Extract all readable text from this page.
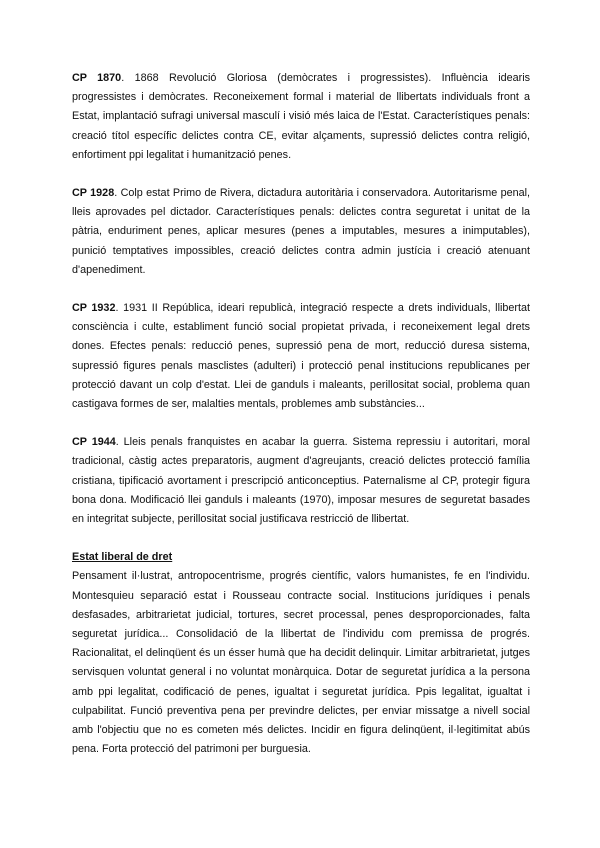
CP 1870. 1868 Revolució Gloriosa (demòcrates i progressistes). Influència idearis progressistes i demòcrates. Reconeixement formal i material de llibertats individuals front a Estat, implantació sufragi universal masculí i visió més laica de l'Estat. Característiques penals: creació títol específic delictes contra CE, evitar alçaments, supressió delictes contra religió, enfortiment ppi legalitat i humanització penes.

CP 1928. Colp estat Primo de Rivera, dictadura autoritària i conservadora. Autoritarisme penal, lleis aprovades pel dictador. Característiques penals: delictes contra seguretat i unitat de la pàtria, enduriment penes, aplicar mesures (penes a imputables, mesures a inimputables), punició temptatives impossibles, creació delictes contra admin justícia i creació atenuant d'apenediment.

CP 1932. 1931 II República, ideari republicà, integració respecte a drets individuals, llibertat consciència i culte, establiment funció social propietat privada, i reconeixement legal drets dones. Efectes penals: reducció penes, supressió pena de mort, reducció duresa sistema, supressió figures penals masclistes (adulteri) i protecció penal institucions republicanes per protecció davant un colp d'estat. Llei de ganduls i maleants, perillositat social, problema quan castigava formes de ser, malalties mentals, problemes amb substàncies...

CP 1944. Lleis penals franquistes en acabar la guerra. Sistema repressiu i autoritari, moral tradicional, càstig actes preparatoris, augment d'agreujants, creació delictes protecció família cristiana, tipificació avortament i prescripció anticonceptius. Paternalisme al CP, protegir figura bona dona. Modificació llei ganduls i maleants (1970), imposar mesures de seguretat basades en integritat subjecte, perillositat social justificava restricció de llibertat.

Estat liberal de dret

Pensament il·lustrat, antropocentrisme, progrés científic, valors humanistes, fe en l'individu. Montesquieu separació estat i Rousseau contracte social. Institucions jurídiques i penals desfasades, arbitrarietat judicial, tortures, secret processal, penes desproporcionades, falta seguretat jurídica... Consolidació de la llibertat de l'individu com premissa de progrés. Racionalitat, el delinqüent és un ésser humà que ha decidit delinquir. Limitar arbitrarietat, jutges servisquen voluntat general i no voluntat monàrquica. Dotar de seguretat jurídica a la persona amb ppi legalitat, codificació de penes, igualtat i seguretat jurídica. Ppis legalitat, igualtat i culpabilitat. Funció preventiva pena per previndre delictes, per enviar missatge a nivell social amb l'objectiu que no es cometen més delictes. Incidir en figura delinqüent, il·legitimitat abús pena. Forta protecció del patrimoni per burguesia.
